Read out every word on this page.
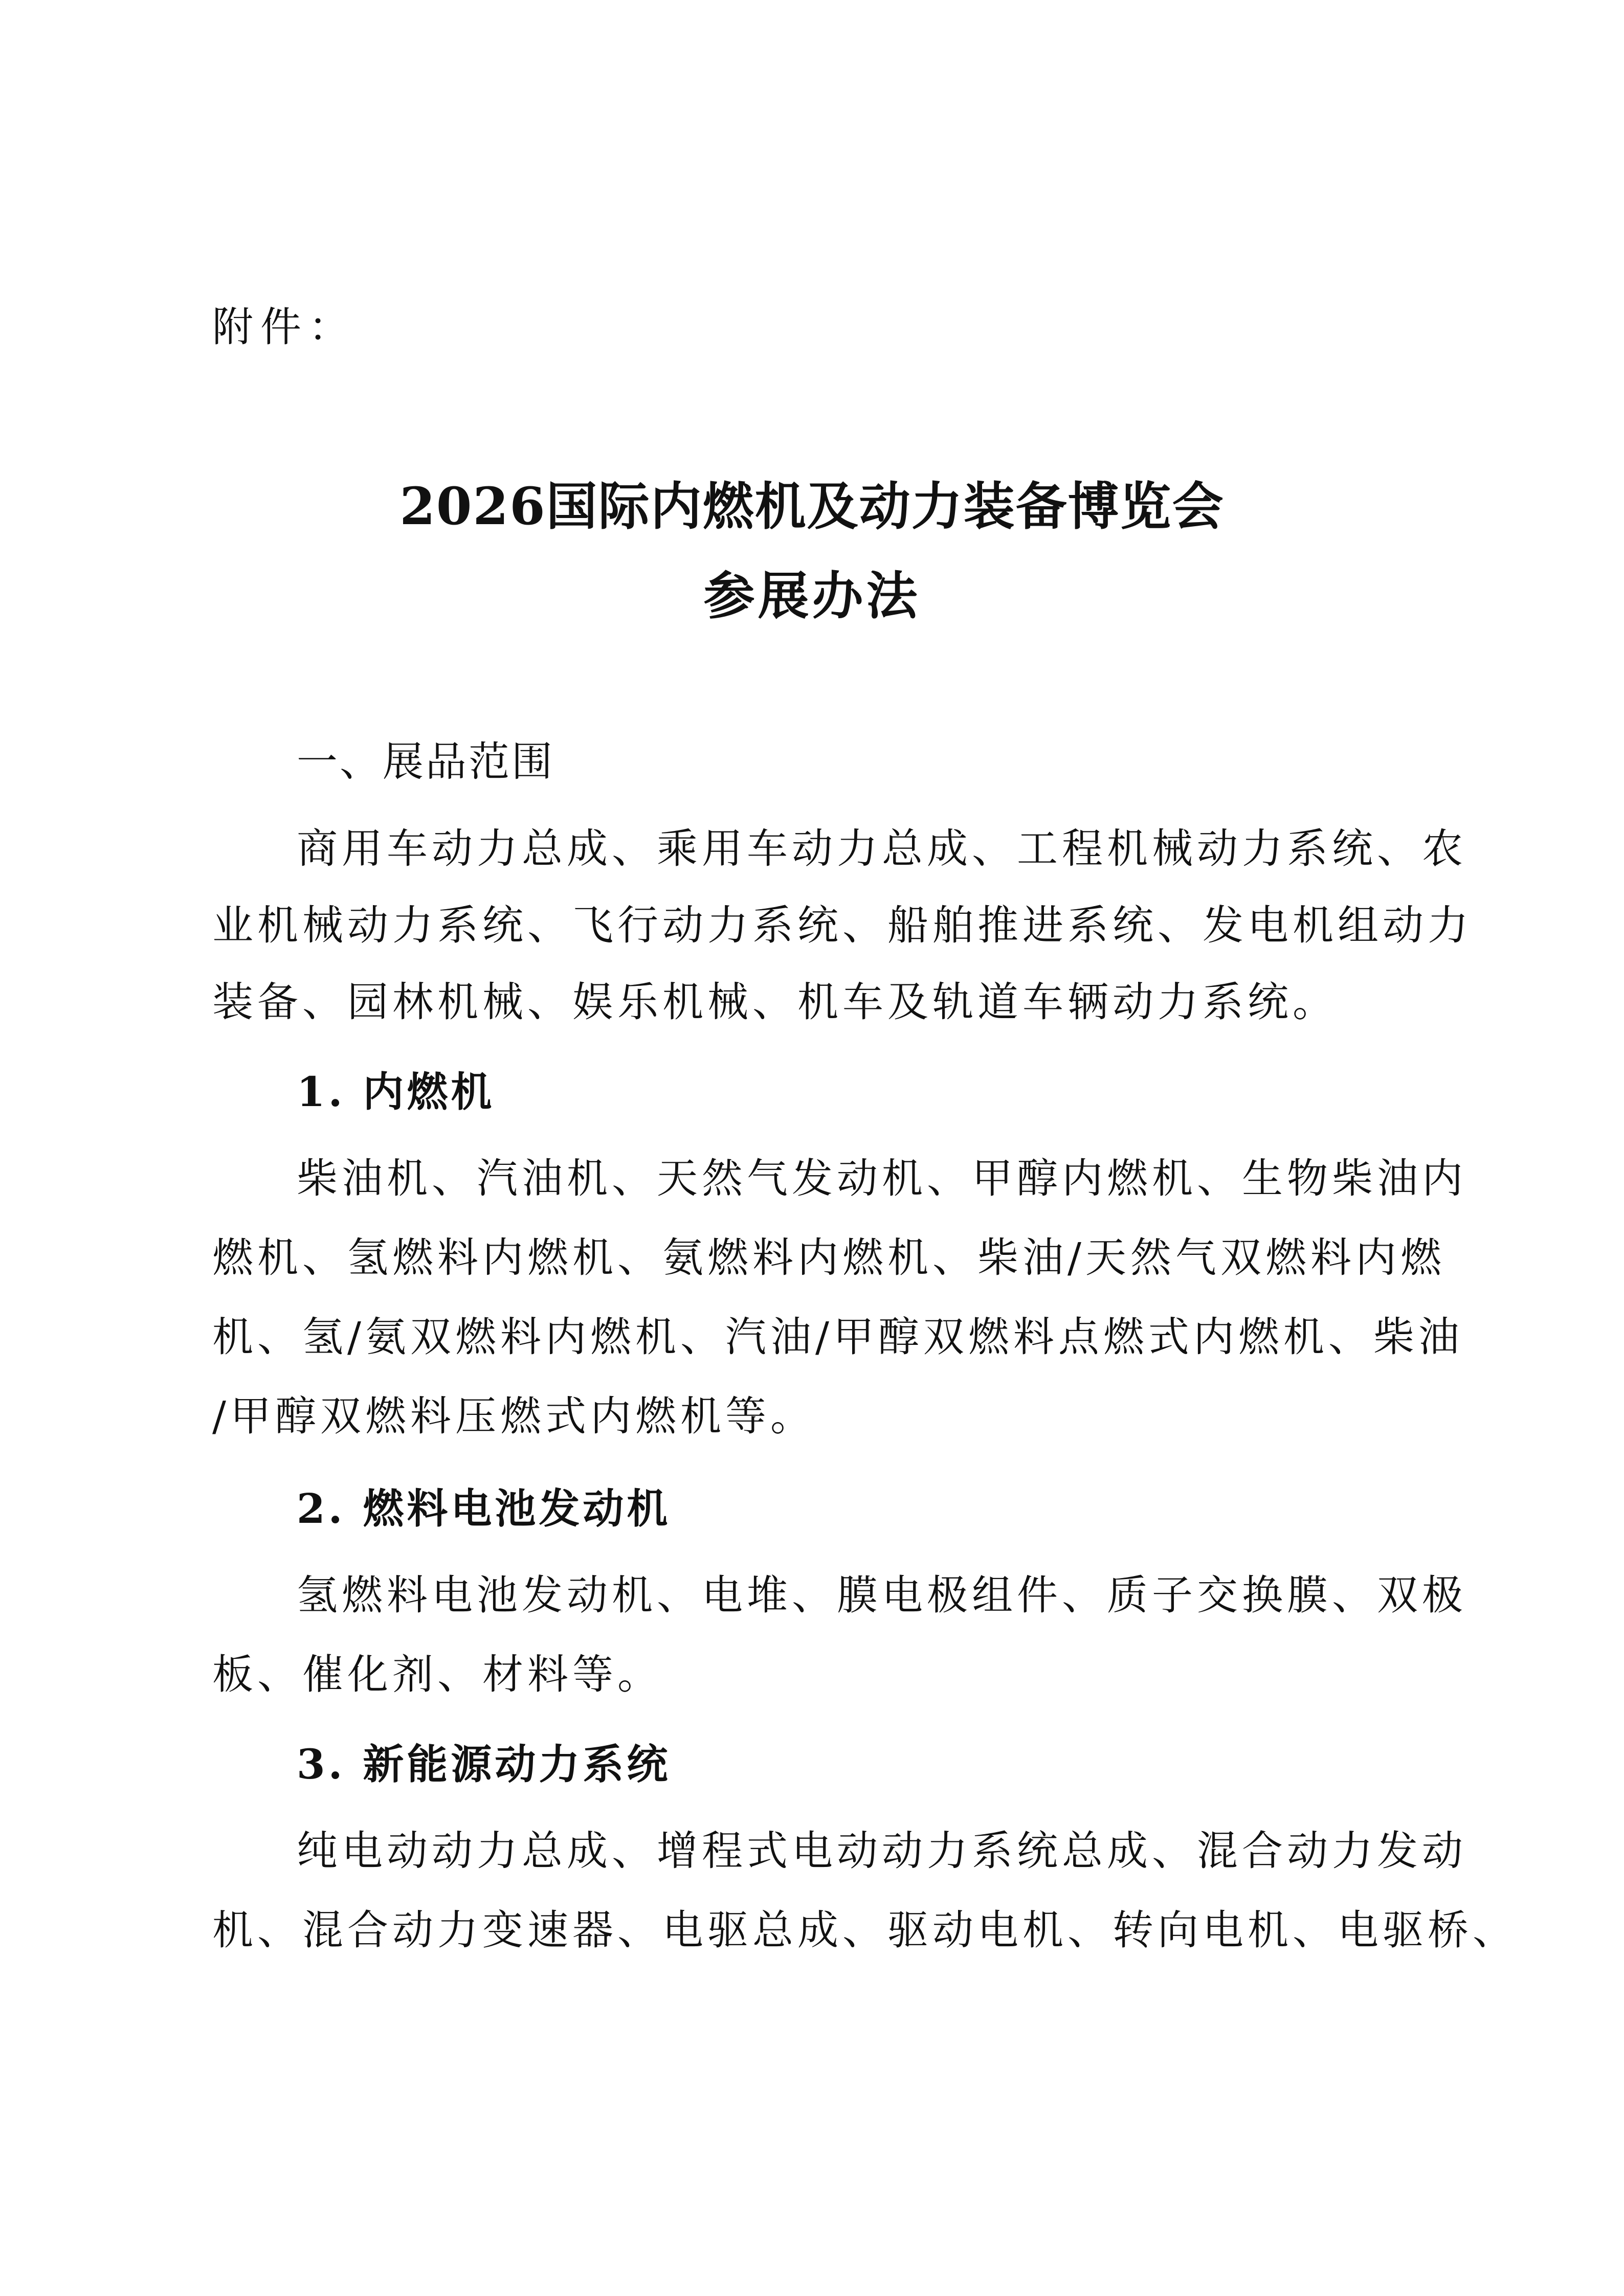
附件：
2026国际内燃机及动力装备博览会
参展办法
一、展品范围
商用车动力总成、乘用车动力总成、工程机械动力系统、农
业机械动力系统、飞行动力系统、船舶推进系统、发电机组动力
装备、园林机械、娱乐机械、机车及轨道车辆动力系统。
1. 内燃机
柴油机、汽油机、天然气发动机、甲醇内燃机、生物柴油内
燃机、氢燃料内燃机、氨燃料内燃机、柴油/天然气双燃料内燃
机、氢/氨双燃料内燃机、汽油/甲醇双燃料点燃式内燃机、柴油
/甲醇双燃料压燃式内燃机等。
2. 燃料电池发动机
氢燃料电池发动机、电堆、膜电极组件、质子交换膜、双极
板、催化剂、材料等。
3. 新能源动力系统
纯电动动力总成、增程式电动动力系统总成、混合动力发动
机、混合动力变速器、电驱总成、驱动电机、转向电机、电驱桥、
